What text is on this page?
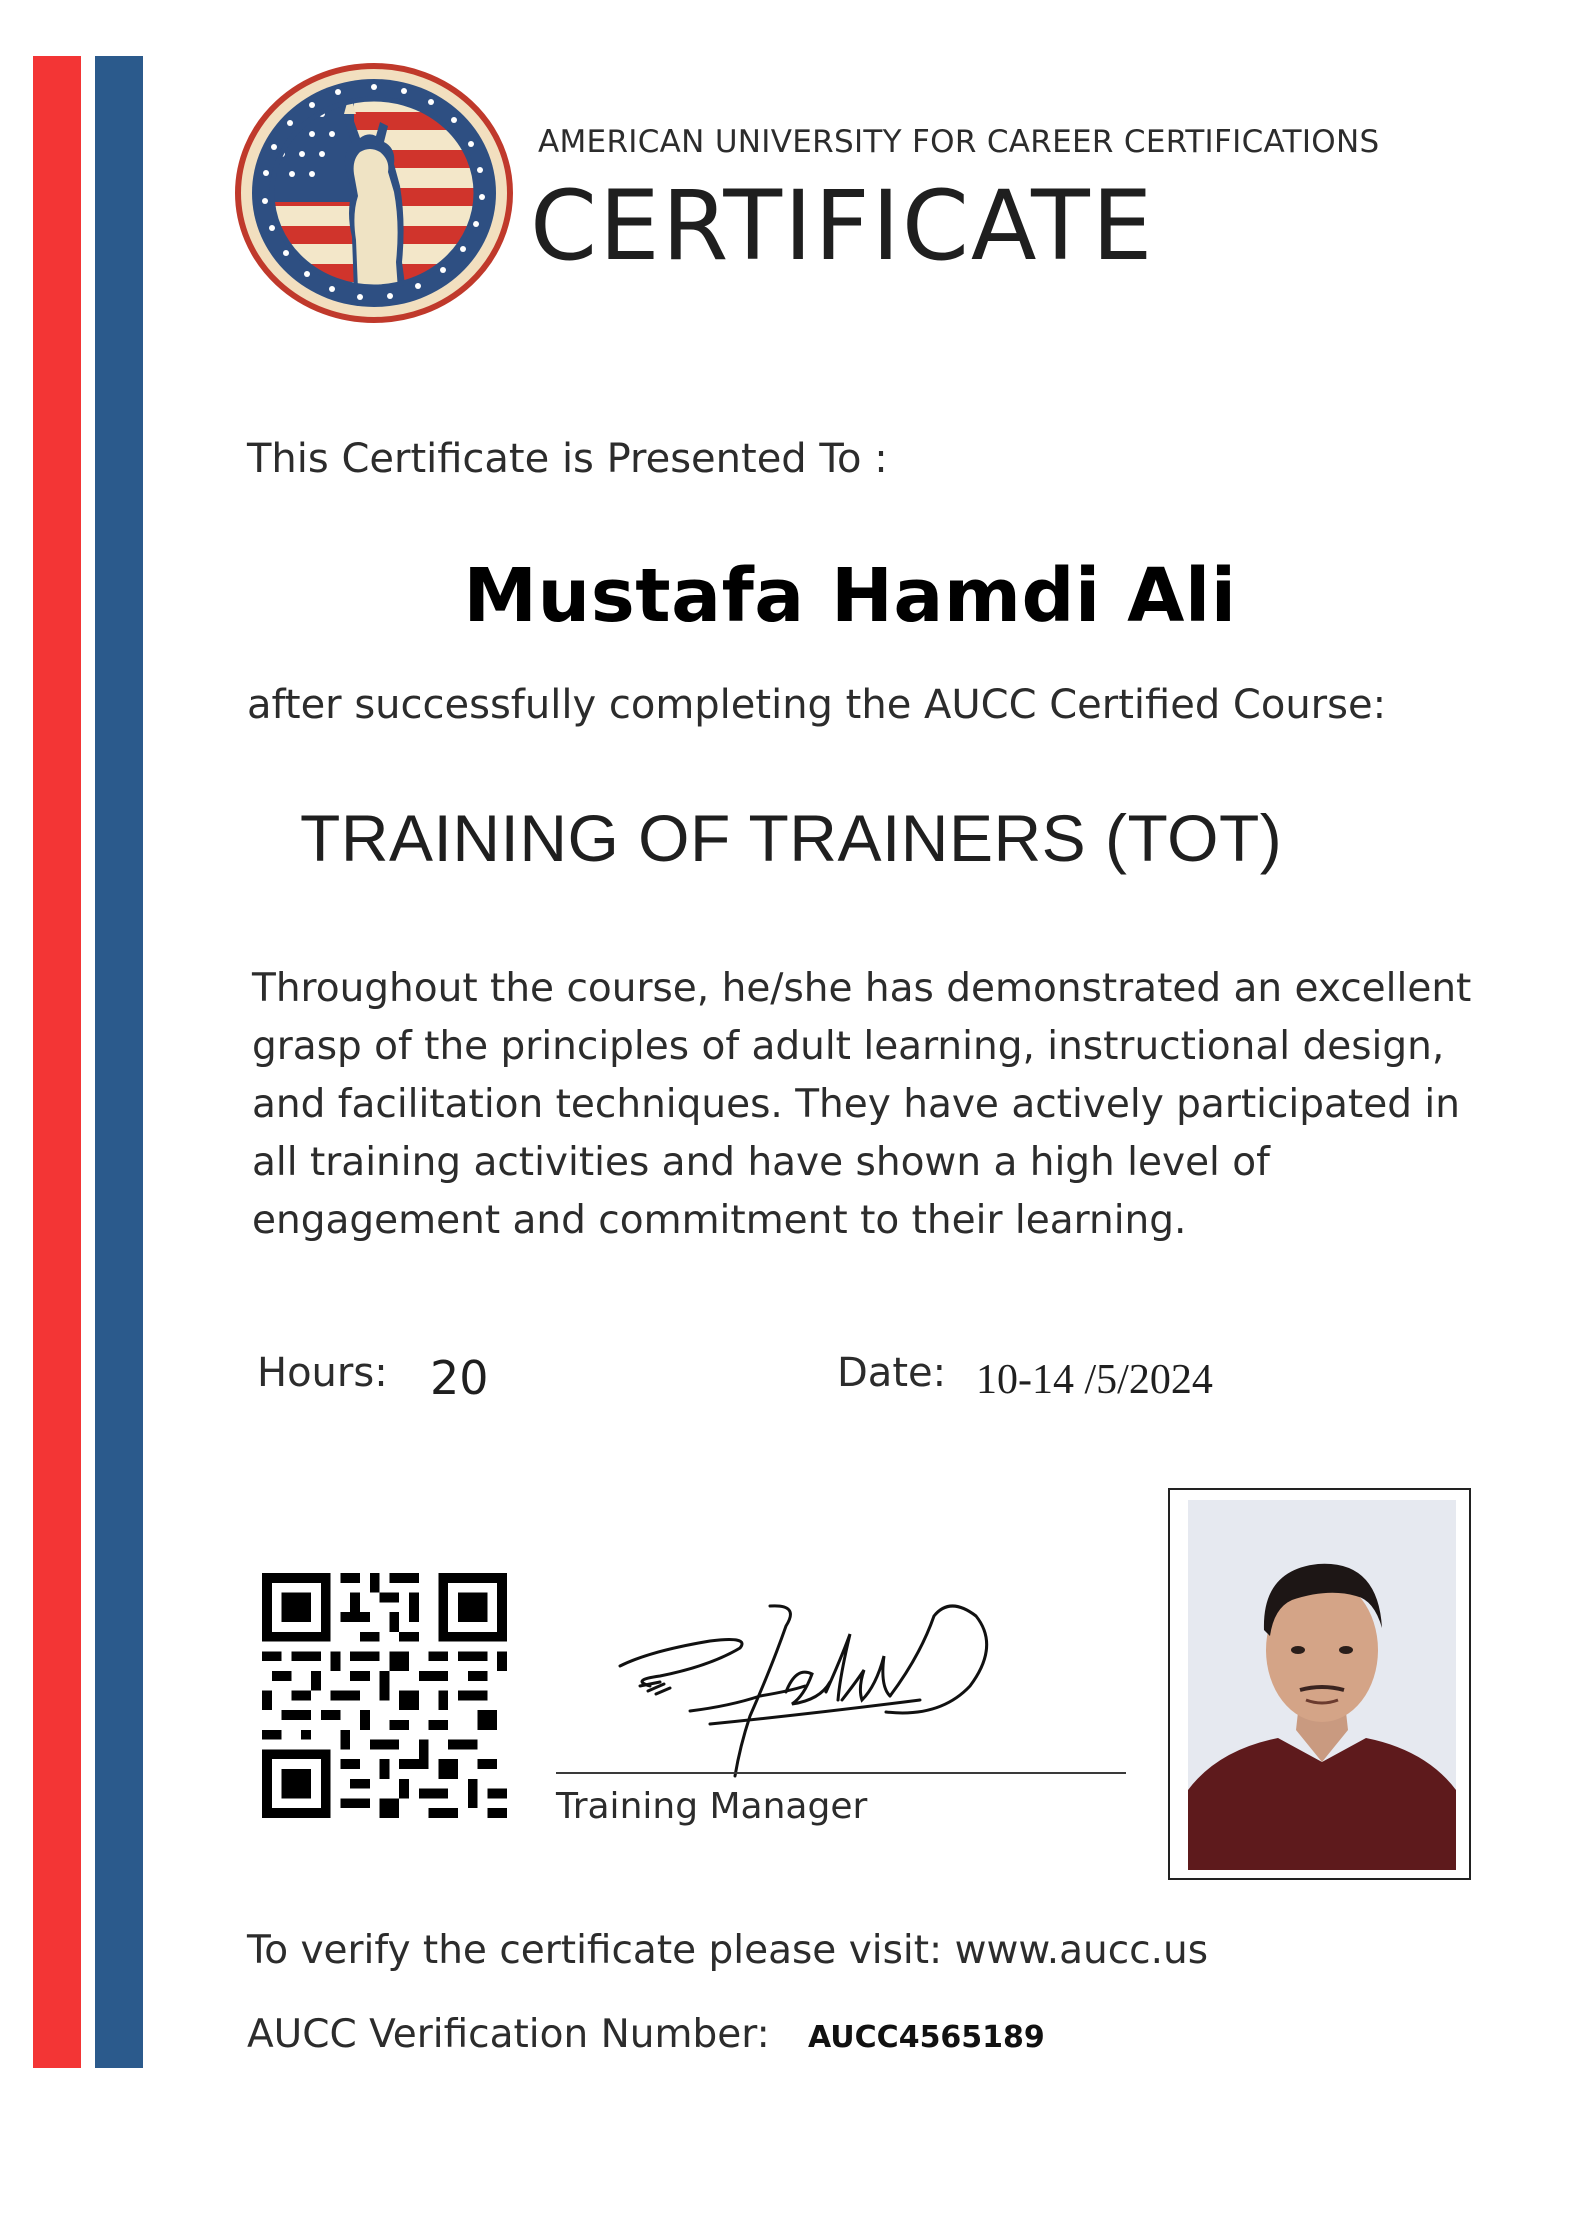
AMERICAN UNIVERSITY FOR CAREER CERTIFICATIONS
CERTIFICATE
This Certificate is Presented To :
Mustafa Hamdi Ali
after successfully completing the AUCC Certified Course:
TRAINING OF TRAINERS (TOT)
Throughout the course, he/she has demonstrated an excellent grasp of the principles of adult learning, instructional design, and facilitation techniques. They have actively participated in all training activities and have shown a high level of engagement and commitment to their learning.
Hours: 20	Date: 10-14 /5/2024
Training Manager
To verify the certificate please visit: www.aucc.us
AUCC Verification Number: AUCC4565189
